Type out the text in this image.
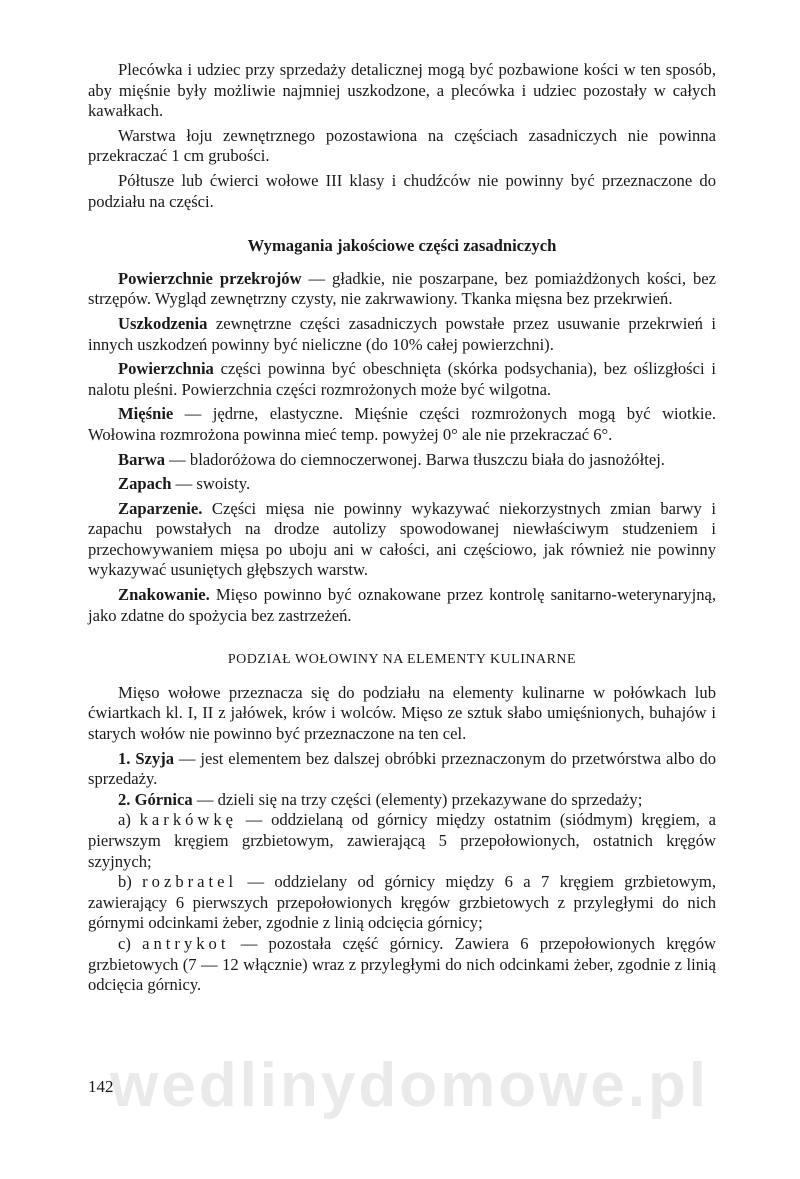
Plecówka i udziec przy sprzedaży detalicznej mogą być pozbawione kości w ten sposób, aby mięśnie były możliwie najmniej uszkodzone, a plecówka i udziec pozostały w całych kawałkach.

Warstwa łoju zewnętrznego pozostawiona na częściach zasadniczych nie powinna przekraczać 1 cm grubości.

Półtusze lub ćwierci wołowe III klasy i chudźców nie powinny być przeznaczone do podziału na części.

Wymagania jakościowe części zasadniczych

Powierzchnie przekrojów — gładkie, nie poszarpane, bez pomiażdżonych kości, bez strzępów. Wygląd zewnętrzny czysty, nie zakrwawiony. Tkanka mięsna bez przekrwień.

Uszkodzenia zewnętrzne części zasadniczych powstałe przez usuwanie przekrwień i innych uszkodzeń powinny być nieliczne (do 10% całej powierzchni).

Powierzchnia części powinna być obeschnięta (skórka podsychania), bez oślizgłości i nalotu pleśni. Powierzchnia części rozmrożonych może być wilgotna.

Mięśnie — jędrne, elastyczne. Mięśnie części rozmrożonych mogą być wiotkie. Wołowina rozmrożona powinna mieć temp. powyżej 0° ale nie przekraczać 6°.

Barwa — bladoróżowa do ciemnoczerwonej. Barwa tłuszczu biała do jasnożółtej.

Zapach — swoisty.

Zaparzenie. Części mięsa nie powinny wykazywać niekorzystnych zmian barwy i zapachu powstałych na drodze autolizy spowodowanej niewłaściwym studzeniem i przechowywaniem mięsa po uboju ani w całości, ani częściowo, jak również nie powinny wykazywać usuniętych głębszych warstw.

Znakowanie. Mięso powinno być oznakowane przez kontrolę sanitarno-weterynaryjną, jako zdatne do spożycia bez zastrzeżeń.

PODZIAŁ WOŁOWINY NA ELEMENTY KULINARNE

Mięso wołowe przeznacza się do podziału na elementy kulinarne w połówkach lub ćwiartkach kl. I, II z jałówek, krów i wolców. Mięso ze sztuk słabo umięśnionych, buhajów i starych wołów nie powinno być przeznaczone na ten cel.

1. Szyja — jest elementem bez dalszej obróbki przeznaczonym do przetwórstwa albo do sprzedaży.

2. Górnica — dzieli się na trzy części (elementy) przekazywane do sprzedaży;

a) karkówkę — oddzielaną od górnicy między ostatnim (siódmym) kręgiem, a pierwszym kręgiem grzbietowym, zawierającą 5 przepołowionych, ostatnich kręgów szyjnych;

b) rozbratel — oddzielany od górnicy między 6 a 7 kręgiem grzbietowym, zawierający 6 pierwszych przepołowionych kręgów grzbietowych z przyległymi do nich górnymi odcinkami żeber, zgodnie z linią odcięcia górnicy;

c) antrykot — pozostała część górnicy. Zawiera 6 przepołowionych kręgów grzbietowych (7 — 12 włącznie) wraz z przyległymi do nich odcinkami żeber, zgodnie z linią odcięcia górnicy.

wedlinydomowe.pl
142
